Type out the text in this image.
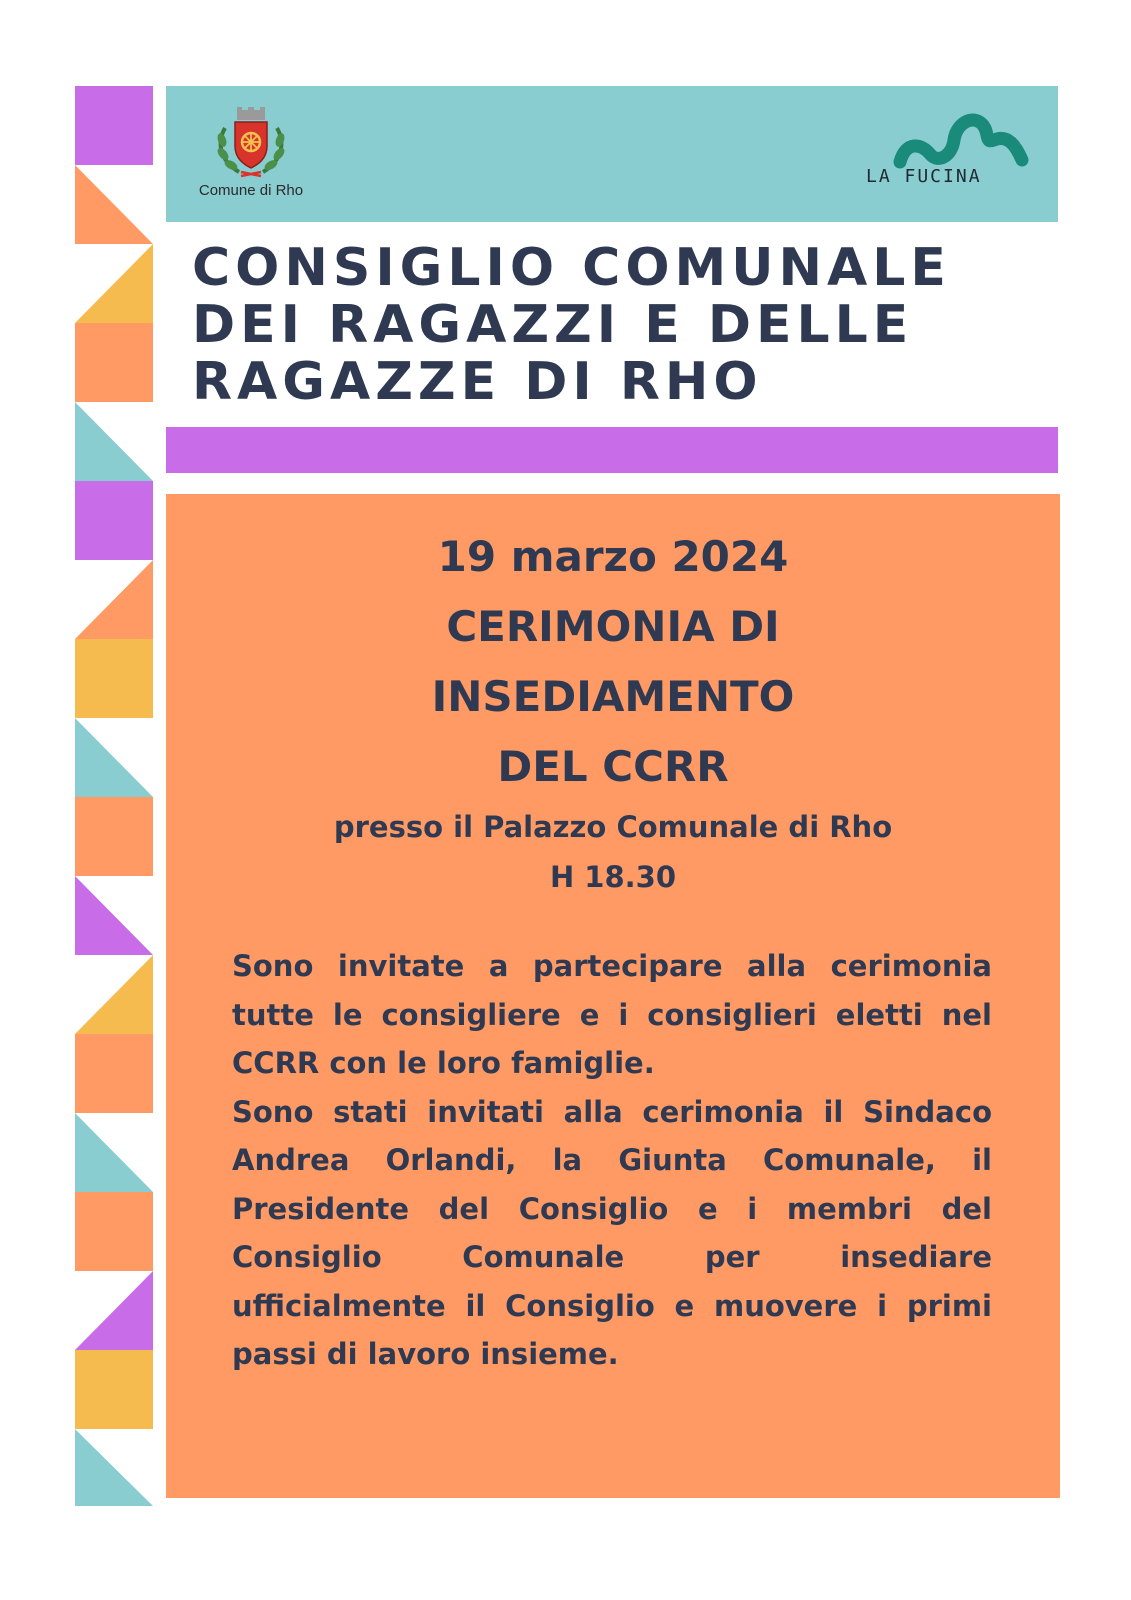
Comune di Rho
LA FUCINA
CONSIGLIO COMUNALE
DEI RAGAZZI E DELLE
RAGAZZE DI RHO
19 marzo 2024
CERIMONIA DI
INSEDIAMENTO
DEL CCRR
presso il Palazzo Comunale di Rho
H 18.30
Sono invitate a partecipare alla cerimonia tutte le consigliere e i consiglieri eletti nel CCRR con le loro famiglie.
Sono stati invitati alla cerimonia il Sindaco Andrea Orlandi, la Giunta Comunale, il Presidente del Consiglio e i membri del Consiglio Comunale per insediare ufficialmente il Consiglio e muovere i primi passi di lavoro insieme.
